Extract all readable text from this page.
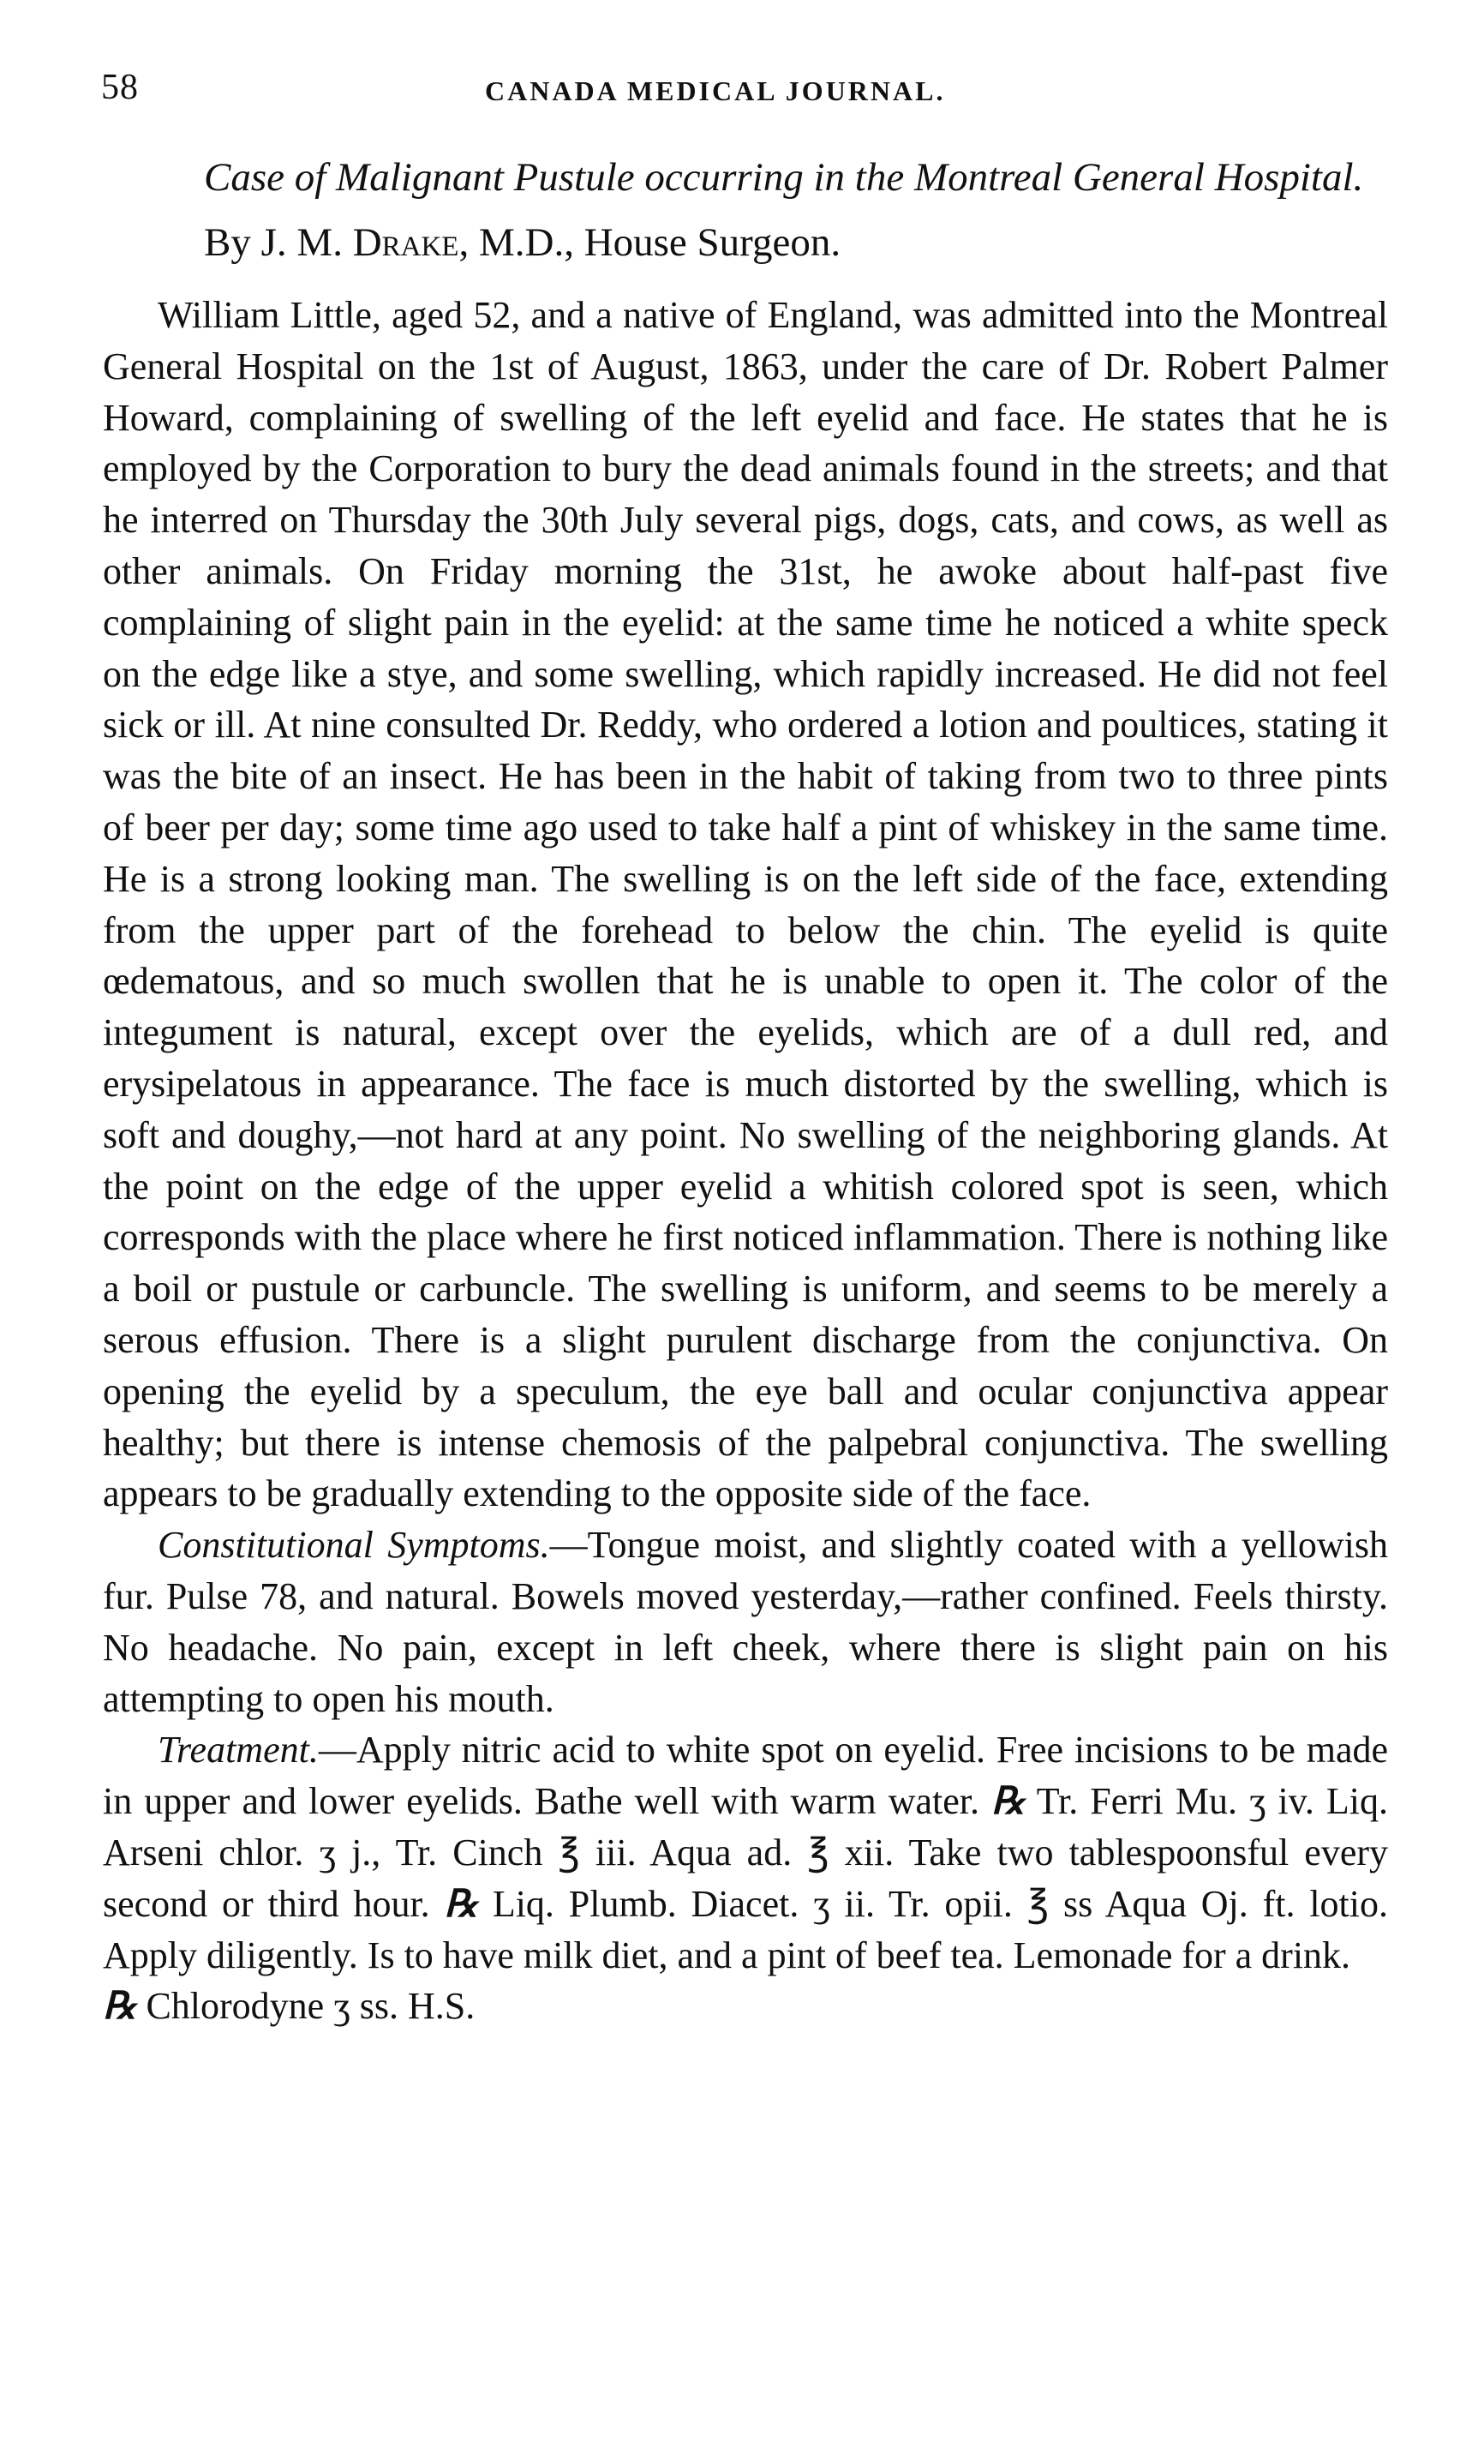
58	CANADA MEDICAL JOURNAL.
Case of Malignant Pustule occurring in the Montreal General Hospital.
By J. M. Drake, M.D., House Surgeon.

William Little, aged 52, and a native of England, was admitted into the Montreal General Hospital on the 1st of August, 1863, under the care of Dr. Robert Palmer Howard, complaining of swelling of the left eyelid and face. He states that he is employed by the Corporation to bury the dead animals found in the streets; and that he interred on Thursday the 30th July several pigs, dogs, cats, and cows, as well as other animals. On Friday morning the 31st, he awoke about half-past five complaining of slight pain in the eyelid: at the same time he noticed a white speck on the edge like a stye, and some swelling, which rapidly increased. He did not feel sick or ill. At nine consulted Dr. Reddy, who ordered a lotion and poultices, stating it was the bite of an insect. He has been in the habit of taking from two to three pints of beer per day; some time ago used to take half a pint of whiskey in the same time. He is a strong looking man. The swelling is on the left side of the face, extending from the upper part of the forehead to below the chin. The eyelid is quite œdematous, and so much swollen that he is unable to open it. The color of the integument is natural, except over the eyelids, which are of a dull red, and erysipelatous in appearance. The face is much distorted by the swelling, which is soft and doughy,—not hard at any point. No swelling of the neighboring glands. At the point on the edge of the upper eyelid a whitish colored spot is seen, which corresponds with the place where he first noticed inflammation. There is nothing like a boil or pustule or carbuncle. The swelling is uniform, and seems to be merely a serous effusion. There is a slight purulent discharge from the conjunctiva. On opening the eyelid by a speculum, the eye ball and ocular conjunctiva appear healthy; but there is intense chemosis of the palpebral conjunctiva. The swelling appears to be gradually extending to the opposite side of the face.

Constitutional Symptoms.—Tongue moist, and slightly coated with a yellowish fur. Pulse 78, and natural. Bowels moved yesterday,—rather confined. Feels thirsty. No headache. No pain, except in left cheek, where there is slight pain on his attempting to open his mouth.

Treatment.—Apply nitric acid to white spot on eyelid. Free incisions to be made in upper and lower eyelids. Bathe well with warm water. ℞ Tr. Ferri Mu. ʒ iv. Liq. Arseni chlor. ʒ j., Tr. Cinch ℥ iii. Aqua ad. ℥ xii. Take two tablespoonsful every second or third hour. ℞ Liq. Plumb. Diacet. ʒ ii. Tr. opii. ℥ ss Aqua Oj. ft. lotio. Apply diligently. Is to have milk diet, and a pint of beef tea. Lemonade for a drink.
℞ Chlorodyne ʒ ss. H.S.
